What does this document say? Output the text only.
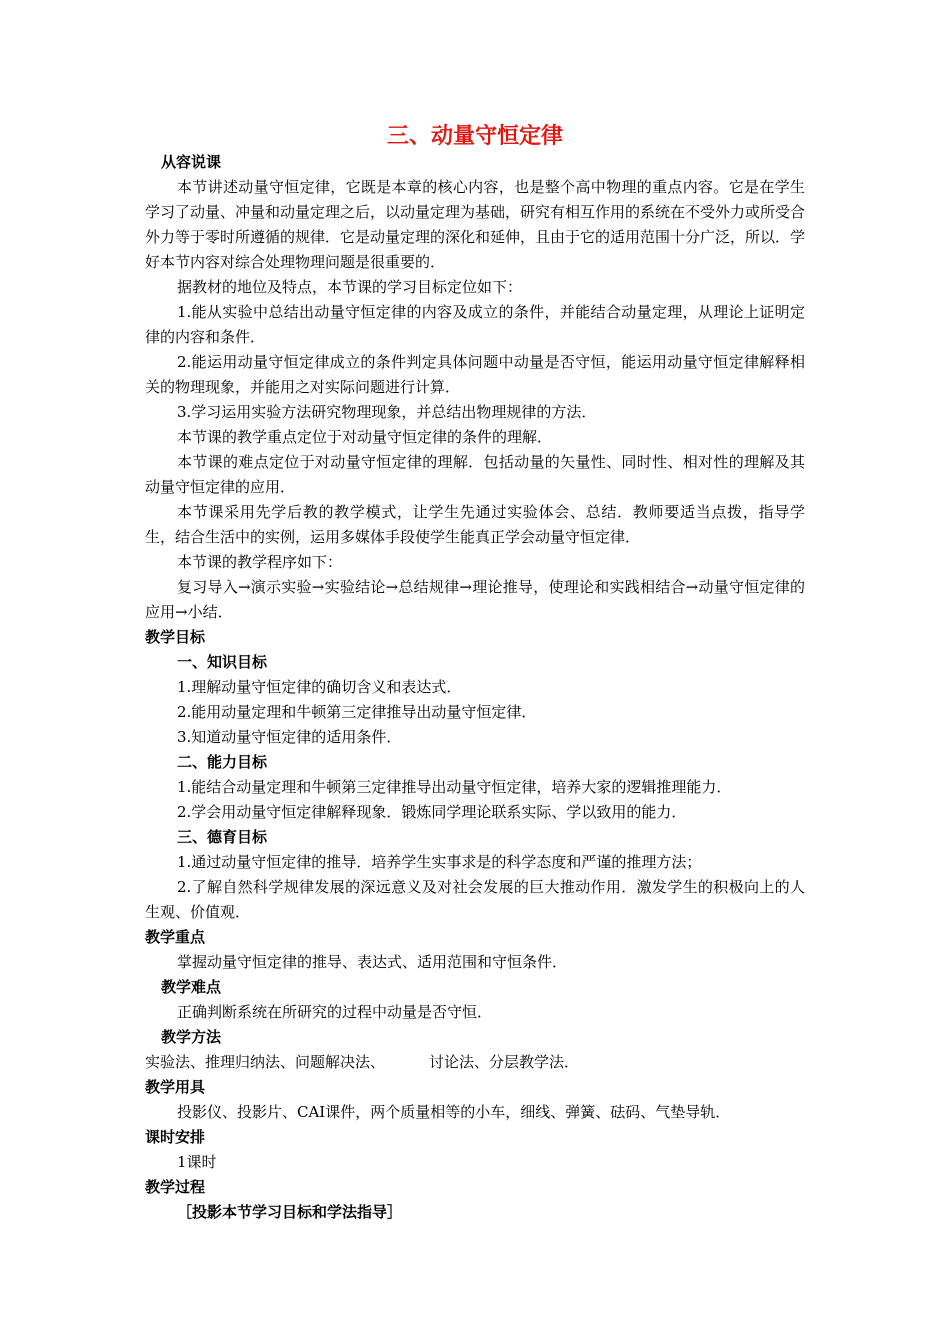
三、动量守恒定律

从容说课

本节讲述动量守恒定律，它既是本章的核心内容，也是整个高中物理的重点内容。它是在学生学习了动量、冲量和动量定理之后，以动量定理为基础，研究有相互作用的系统在不受外力或所受合外力等于零时所遵循的规律．它是动量定理的深化和延伸，且由于它的适用范围十分广泛，所以．学好本节内容对综合处理物理问题是很重要的．

据教材的地位及特点，本节课的学习目标定位如下：

1.能从实验中总结出动量守恒定律的内容及成立的条件，并能结合动量定理，从理论上证明定律的内容和条件．

2.能运用动量守恒定律成立的条件判定具体问题中动量是否守恒，能运用动量守恒定律解释相关的物理现象，并能用之对实际问题进行计算．

3.学习运用实验方法研究物理现象，并总结出物理规律的方法．

本节课的教学重点定位于对动量守恒定律的条件的理解．

本节课的难点定位于对动量守恒定律的理解．包括动量的矢量性、同时性、相对性的理解及其动量守恒定律的应用．

本节课采用先学后教的教学模式，让学生先通过实验体会、总结．教师要适当点拨，指导学生，结合生活中的实例，运用多媒体手段使学生能真正学会动量守恒定律．

本节课的教学程序如下：

复习导入→演示实验→实验结论→总结规律→理论推导，使理论和实践相结合→动量守恒定律的应用→小结．

教学目标

一、知识目标

1.理解动量守恒定律的确切含义和表达式．

2.能用动量定理和牛顿第三定律推导出动量守恒定律．

3.知道动量守恒定律的适用条件．

二、能力目标

1.能结合动量定理和牛顿第三定律推导出动量守恒定律，培养大家的逻辑推理能力．

2.学会用动量守恒定律解释现象．锻炼同学理论联系实际、学以致用的能力．

三、德育目标

1.通过动量守恒定律的推导．培养学生实事求是的科学态度和严谨的推理方法；

2.了解自然科学规律发展的深远意义及对社会发展的巨大推动作用．激发学生的积极向上的人生观、价值观．

教学重点

掌握动量守恒定律的推导、表达式、适用范围和守恒条件．

教学难点

正确判断系统在所研究的过程中动量是否守恒．

教学方法

实验法、推理归纳法、问题解决法、	讨论法、分层教学法．

教学用具

投影仪、投影片、CAI课件，两个质量相等的小车，细线、弹簧、砝码、气垫导轨．

课时安排

1课时

教学过程

［投影本节学习目标和学法指导］
